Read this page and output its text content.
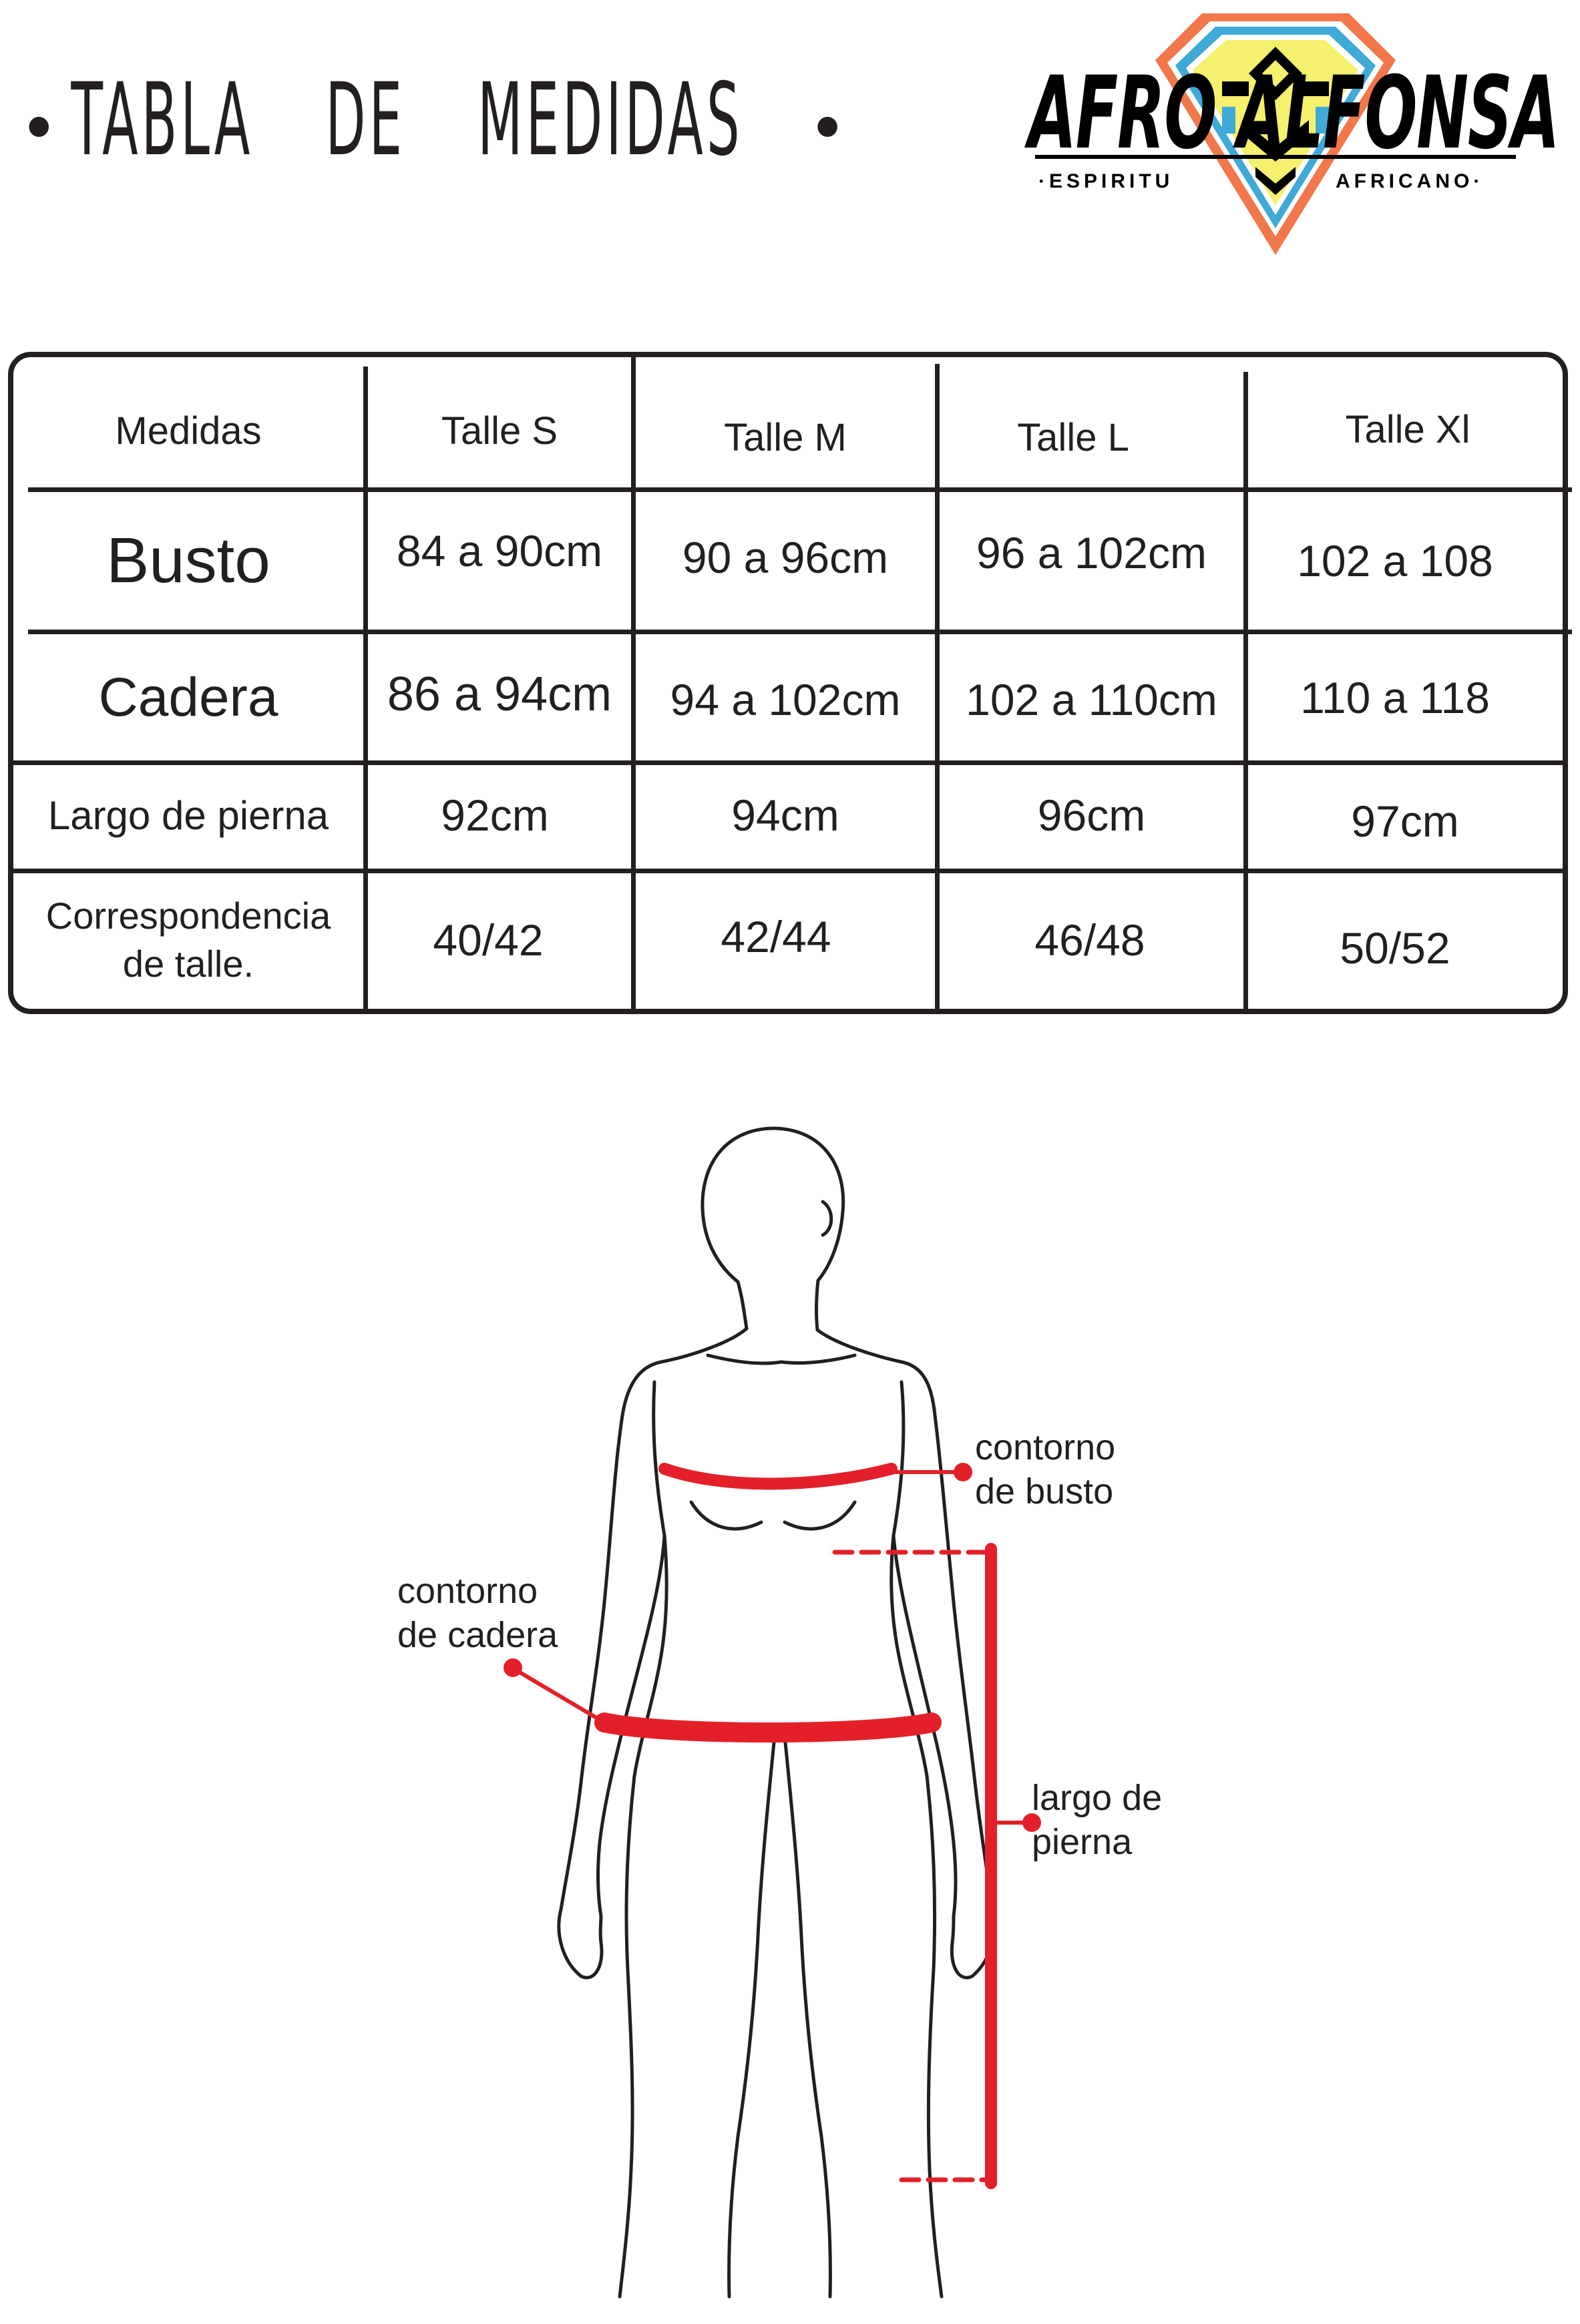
TABLA DE MEDIDAS	AFRO ALFONSA
·ESPIRITU	AFRICANO·
Medidas	Talle S	Talle M	Talle L	Talle Xl
Busto	84 a 90cm	90 a 96cm	96 a 102cm	102 a 108
Cadera	86 a 94cm	94 a 102cm	102 a 110cm	110 a 118
Largo de pierna	92cm	94cm	96cm	97cm
Correspondencia
de talle.	40/42	42/44	46/48	50/52
contorno
de busto
contorno
de cadera
largo de
pierna
